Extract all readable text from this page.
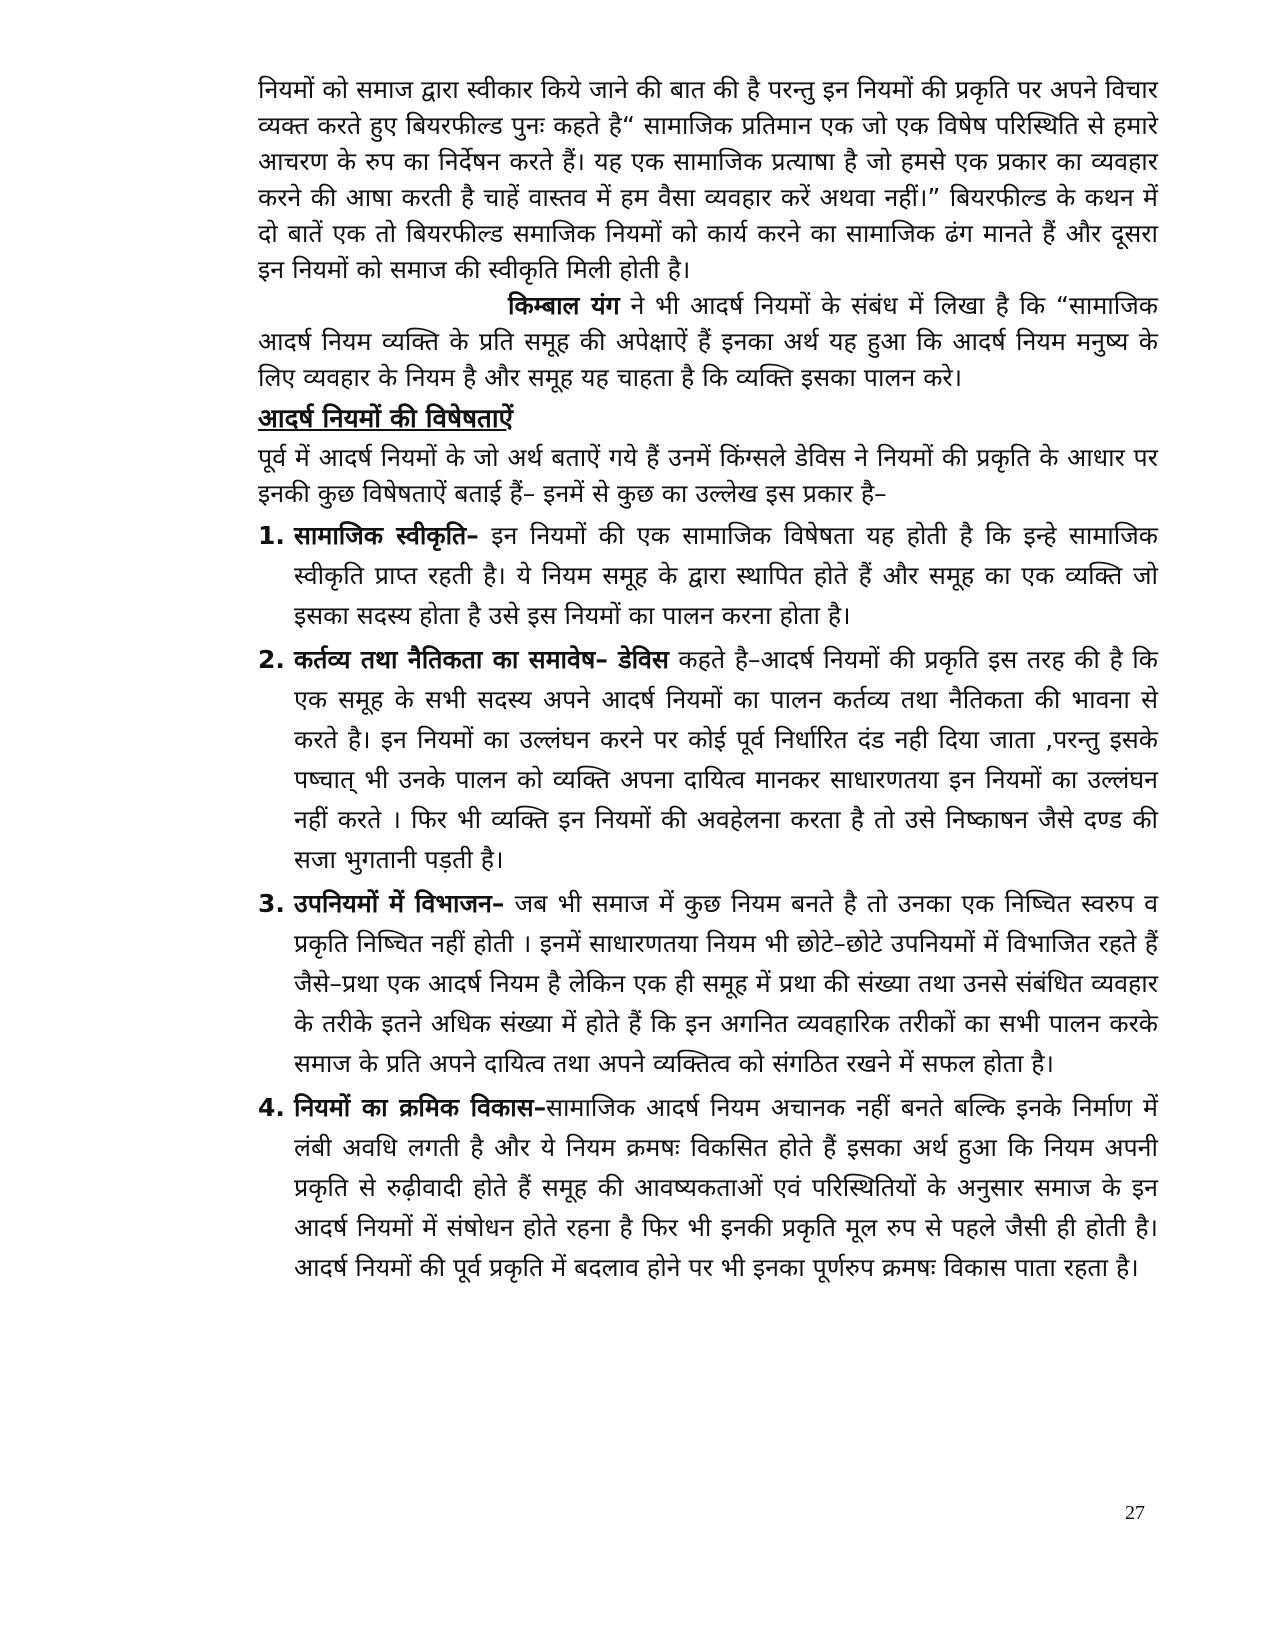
नियमों को समाज द्वारा स्वीकार किये जाने की बात की है परन्तु इन नियमों की प्रकृति पर अपने विचार व्यक्त करते हुए बियरफील्ड पुनः कहते है“ सामाजिक प्रतिमान एक जो एक विषेष परिस्थिति से हमारे आचरण के रुप का निर्देषन करते हैं। यह एक सामाजिक प्रत्याषा है जो हमसे एक प्रकार का व्यवहार करने की आषा करती है चाहें वास्तव में हम वैसा व्यवहार करें अथवा नहीं।” बियरफील्ड के कथन में दो बातें एक तो बियरफील्ड समाजिक नियमों को कार्य करने का सामाजिक ढंग मानते हैं और दूसरा इन नियमों को समाज की स्वीकृति मिली होती है।

किम्बाल यंग ने भी आदर्ष नियमों के संबंध में लिखा है कि “सामाजिक आदर्ष नियम व्यक्ति के प्रति समूह की अपेक्षाऐं हैं इनका अर्थ यह हुआ कि आदर्ष नियम मनुष्य के लिए व्यवहार के नियम है और समूह यह चाहता है कि व्यक्ति इसका पालन करे।

आदर्ष नियमों की विषेषताऐं

पूर्व में आदर्ष नियमों के जो अर्थ बताऐं गये हैं उनमें किंग्सले डेविस ने नियमों की प्रकृति के आधार पर इनकी कुछ विषेषताऐं बताई हैं– इनमें से कुछ का उल्लेख इस प्रकार है–

1. सामाजिक स्वीकृति– इन नियमों की एक सामाजिक विषेषता यह होती है कि इन्हे सामाजिक स्वीकृति प्राप्त रहती है। ये नियम समूह के द्वारा स्थापित होते हैं और समूह का एक व्यक्ति जो इसका सदस्य होता है उसे इस नियमों का पालन करना होता है।
2. कर्तव्य तथा नैतिकता का समावेष– डेविस कहते है–आदर्ष नियमों की प्रकृति इस तरह की है कि एक समूह के सभी सदस्य अपने आदर्ष नियमों का पालन कर्तव्य तथा नैतिकता की भावना से करते है। इन नियमों का उल्लंघन करने पर कोई पूर्व निर्धारित दंड नही दिया जाता ,परन्तु इसके पष्चात् भी उनके पालन को व्यक्ति अपना दायित्व मानकर साधारणतया इन नियमों का उल्लंघन नहीं करते । फिर भी व्यक्ति इन नियमों की अवहेलना करता है तो उसे निष्काषन जैसे दण्ड की सजा भुगतानी पड़ती है।
3. उपनियमों में विभाजन– जब भी समाज में कुछ नियम बनते है तो उनका एक निष्चित स्वरुप व प्रकृति निष्चित नहीं होती । इनमें साधारणतया नियम भी छोटे–छोटे उपनियमों में विभाजित रहते हैं जैसे–प्रथा एक आदर्ष नियम है लेकिन एक ही समूह में प्रथा की संख्या तथा उनसे संबंधित व्यवहार के तरीके इतने अधिक संख्या में होते हैं कि इन अगनित व्यवहारिक तरीकों का सभी पालन करके समाज के प्रति अपने दायित्व तथा अपने व्यक्तित्व को संगठित रखने में सफल होता है।
4. नियमों का क्रमिक विकास–सामाजिक आदर्ष नियम अचानक नहीं बनते बल्कि इनके निर्माण में लंबी अवधि लगती है और ये नियम क्रमषः विकसित होते हैं इसका अर्थ हुआ कि नियम अपनी प्रकृति से रुढ़ीवादी होते हैं समूह की आवष्यकताओं एवं परिस्थितियों के अनुसार समाज के इन आदर्ष नियमों में संषोधन होते रहना है फिर भी इनकी प्रकृति मूल रुप से पहले जैसी ही होती है। आदर्ष नियमों की पूर्व प्रकृति में बदलाव होने पर भी इनका पूर्णरुप क्रमषः विकास पाता रहता है।
27
